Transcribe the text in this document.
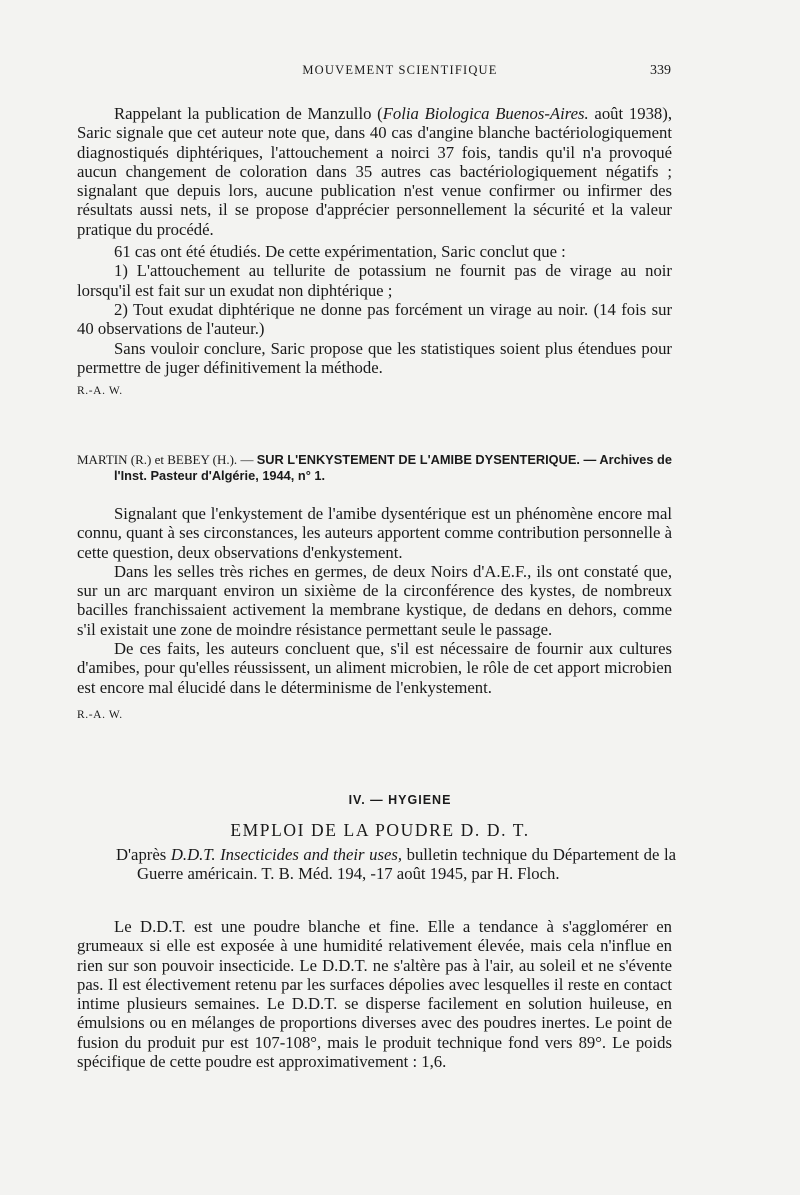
MOUVEMENT SCIENTIFIQUE	339

Rappelant la publication de Manzullo (Folia Biologica Buenos-Aires. août 1938), Saric signale que cet auteur note que, dans 40 cas d'angine blanche bactériologiquement diagnostiqués diphtériques, l'attouchement a noirci 37 fois, tandis qu'il n'a provoqué aucun changement de coloration dans 35 autres cas bactériologiquement négatifs ; signalant que depuis lors, aucune publication n'est venue confirmer ou infirmer des résultats aussi nets, il se propose d'apprécier personnellement la sécurité et la valeur pratique du procédé.

61 cas ont été étudiés. De cette expérimentation, Saric conclut que :

1) L'attouchement au tellurite de potassium ne fournit pas de virage au noir lorsqu'il est fait sur un exudat non diphtérique ;

2) Tout exudat diphtérique ne donne pas forcément un virage au noir. (14 fois sur 40 observations de l'auteur.)

Sans vouloir conclure, Saric propose que les statistiques soient plus étendues pour permettre de juger définitivement la méthode.

R.-A. W.

MARTIN (R.) et BEBEY (H.). — SUR L'ENKYSTEMENT DE L'AMIBE DYSENTERIQUE. — Archives de l'Inst. Pasteur d'Algérie, 1944, n° 1.

Signalant que l'enkystement de l'amibe dysentérique est un phénomène encore mal connu, quant à ses circonstances, les auteurs apportent comme contribution personnelle à cette question, deux observations d'enkystement.

Dans les selles très riches en germes, de deux Noirs d'A.E.F., ils ont constaté que, sur un arc marquant environ un sixième de la circonférence des kystes, de nombreux bacilles franchissaient activement la membrane kystique, de dedans en dehors, comme s'il existait une zone de moindre résistance permettant seule le passage.

De ces faits, les auteurs concluent que, s'il est nécessaire de fournir aux cultures d'amibes, pour qu'elles réussissent, un aliment microbien, le rôle de cet apport microbien est encore mal élucidé dans le déterminisme de l'enkystement.

R.-A. W.

IV. — HYGIENE
EMPLOI DE LA POUDRE D. D. T.

D'après D.D.T. Insecticides and their uses, bulletin technique du Département de la Guerre américain. T. B. Méd. 194, -17 août 1945, par H. Floch.

Le D.D.T. est une poudre blanche et fine. Elle a tendance à s'agglomérer en grumeaux si elle est exposée à une humidité relativement élevée, mais cela n'influe en rien sur son pouvoir insecticide. Le D.D.T. ne s'altère pas à l'air, au soleil et ne s'évente pas. Il est électivement retenu par les surfaces dépolies avec lesquelles il reste en contact intime plusieurs semaines. Le D.D.T. se disperse facilement en solution huileuse, en émulsions ou en mélanges de proportions diverses avec des poudres inertes. Le point de fusion du produit pur est 107-108°, mais le produit technique fond vers 89°. Le poids spécifique de cette poudre est approximativement : 1,6.
